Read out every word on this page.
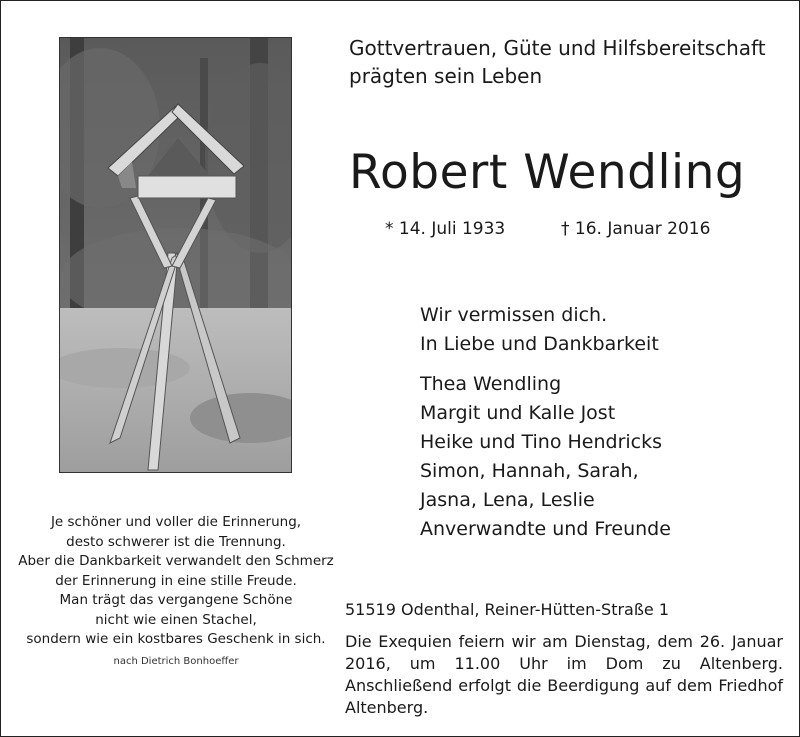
Gottvertrauen, Güte und Hilfsbereitschaft
prägten sein Leben
Robert Wendling
* 14. Juli 1933	† 16. Januar 2016
Wir vermissen dich.
In Liebe und Dankbarkeit
Thea Wendling
Margit und Kalle Jost
Heike und Tino Hendricks
Simon, Hannah, Sarah,
Jasna, Lena, Leslie
Anverwandte und Freunde
Je schöner und voller die Erinnerung,
desto schwerer ist die Trennung.
Aber die Dankbarkeit verwandelt den Schmerz
der Erinnerung in eine stille Freude.
Man trägt das vergangene Schöne
nicht wie einen Stachel,
sondern wie ein kostbares Geschenk in sich.
nach Dietrich Bonhoeffer
51519 Odenthal, Reiner-Hütten-Straße 1
Die Exequien feiern wir am Dienstag, dem 26. Januar 2016, um 11.00 Uhr im Dom zu Altenberg. Anschließend erfolgt die Beerdigung auf dem Friedhof Altenberg.
